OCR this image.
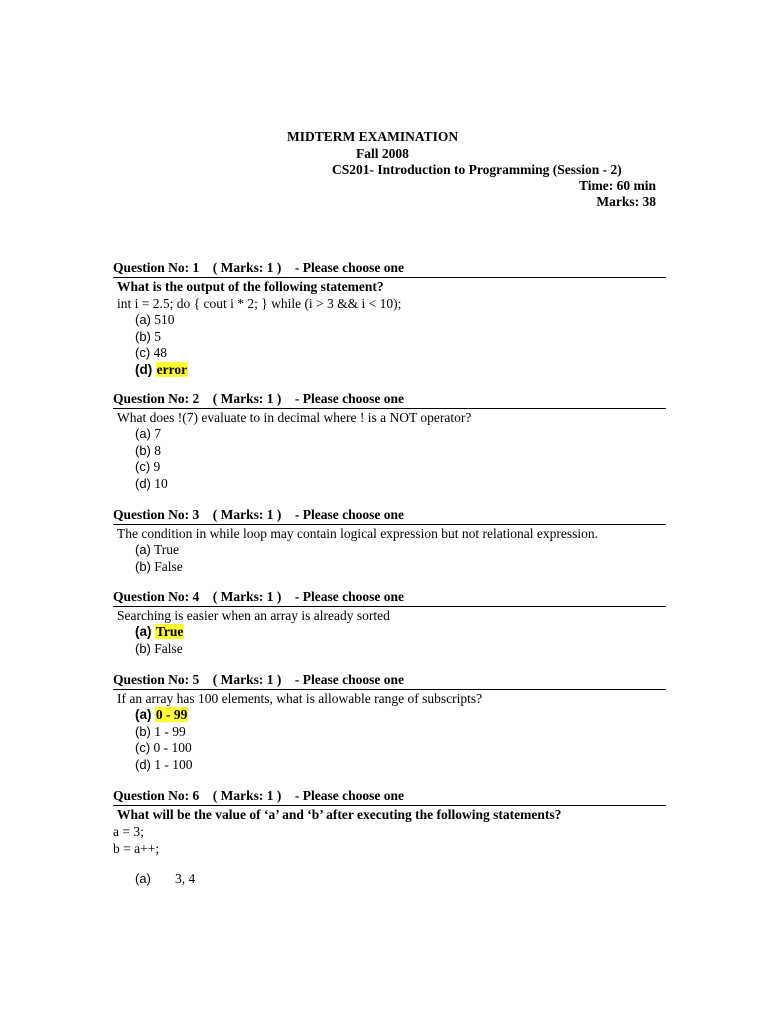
MIDTERM EXAMINATION
Fall 2008
CS201- Introduction to Programming (Session - 2)
Time: 60 min
Marks: 38
Question No: 1    ( Marks: 1 )    - Please choose one
What is the output of the following statement?
int i = 2.5; do { cout i * 2; } while (i > 3 && i < 10);
(a) 510
(b) 5
(c) 48
(d) error
Question No: 2    ( Marks: 1 )    - Please choose one
What does !(7) evaluate to in decimal where ! is a NOT operator?
(a) 7
(b) 8
(c) 9
(d) 10
Question No: 3    ( Marks: 1 )    - Please choose one
The condition in while loop may contain logical expression but not relational expression.
(a) True
(b) False
Question No: 4    ( Marks: 1 )    - Please choose one
Searching is easier when an array is already sorted
(a) True
(b) False
Question No: 5    ( Marks: 1 )    - Please choose one
If an array has 100 elements, what is allowable range of subscripts?
(a) 0 - 99
(b) 1 - 99
(c) 0 - 100
(d) 1 - 100
Question No: 6    ( Marks: 1 )    - Please choose one
What will be the value of ‘a’ and ‘b’ after executing the following statements?
a = 3;
b = a++;
(a) 3, 4
